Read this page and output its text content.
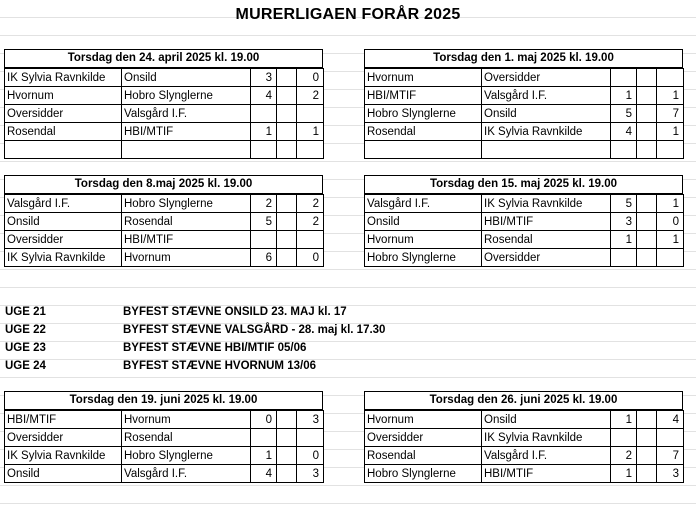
MURERLIGAEN FORÅR 2025
Torsdag den 24. april 2025 kl. 19.00
IK Sylvia Ravnkilde	Onsild	3		0
Hvornum	Hobro Slynglerne	4		2
Oversidder	Valsgård I.F.			
Rosendal	HBI/MTIF	1		1

Torsdag den 1. maj 2025 kl. 19.00
Hvornum	Oversidder			
HBI/MTIF	Valsgård I.F.	1		1
Hobro Slynglerne	Onsild	5		7
Rosendal	IK Sylvia Ravnkilde	4		1

Torsdag den 8.maj 2025 kl. 19.00
Valsgård I.F.	Hobro Slynglerne	2		2
Onsild	Rosendal	5		2
Oversidder	HBI/MTIF			
IK Sylvia Ravnkilde	Hvornum	6		0
Torsdag den 15. maj 2025 kl. 19.00
Valsgård I.F.	IK Sylvia Ravnkilde	5		1
Onsild	HBI/MTIF	3		0
Hvornum	Rosendal	1		1
Hobro Slynglerne	Oversidder			
Torsdag den 19. juni 2025 kl. 19.00
HBI/MTIF	Hvornum	0		3
Oversidder	Rosendal			
IK Sylvia Ravnkilde	Hobro Slynglerne	1		0
Onsild	Valsgård I.F.	4		3
Torsdag den 26. juni 2025 kl. 19.00
Hvornum	Onsild	1		4
Oversidder	IK Sylvia Ravnkilde			
Rosendal	Valsgård I.F.	2		7
Hobro Slynglerne	HBI/MTIF	1		3
UGE 21	BYFEST STÆVNE ONSILD 23. MAJ kl. 17
UGE 22	BYFEST STÆVNE VALSGÅRD - 28. maj kl. 17.30
UGE 23	BYFEST STÆVNE HBI/MTIF 05/06
UGE 24	BYFEST STÆVNE HVORNUM 13/06
